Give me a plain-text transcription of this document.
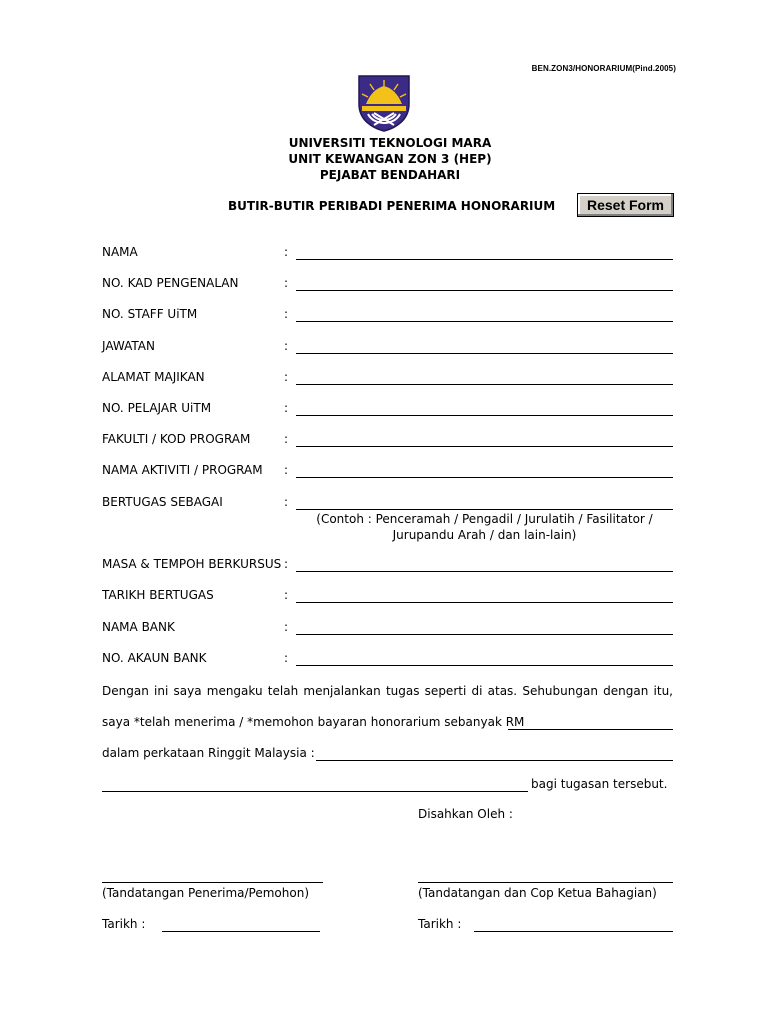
BEN.ZON3/HONORARIUM(Pind.2005)
UNIVERSITI TEKNOLOGI MARA
UNIT KEWANGAN ZON 3 (HEP)
PEJABAT BENDAHARI
BUTIR-BUTIR PERIBADI PENERIMA HONORARIUM	Reset Form
NAMA	:
NO. KAD PENGENALAN	:
NO. STAFF UiTM	:
JAWATAN	:
ALAMAT MAJIKAN	:
NO. PELAJAR UiTM	:
FAKULTI / KOD PROGRAM	:
NAMA AKTIVITI / PROGRAM :
BERTUGAS SEBAGAI	:
MASA & TEMPOH BERKURSUS :
TARIKH BERTUGAS	:
NAMA BANK	:
NO. AKAUN BANK	:
(Contoh : Penceramah / Pengadil / Jurulatih / Fasilitator /
Jurupandu Arah / dan lain-lain)
Dengan ini saya mengaku telah menjalankan tugas seperti di atas. Sehubungan dengan itu,
saya *telah menerima / *memohon bayaran honorarium sebanyak RM
dalam perkataan Ringgit Malaysia :
bagi tugasan tersebut.
Disahkan Oleh :
(Tandatangan Penerima/Pemohon)	(Tandatangan dan Cop Ketua Bahagian)
Tarikh :	Tarikh :
